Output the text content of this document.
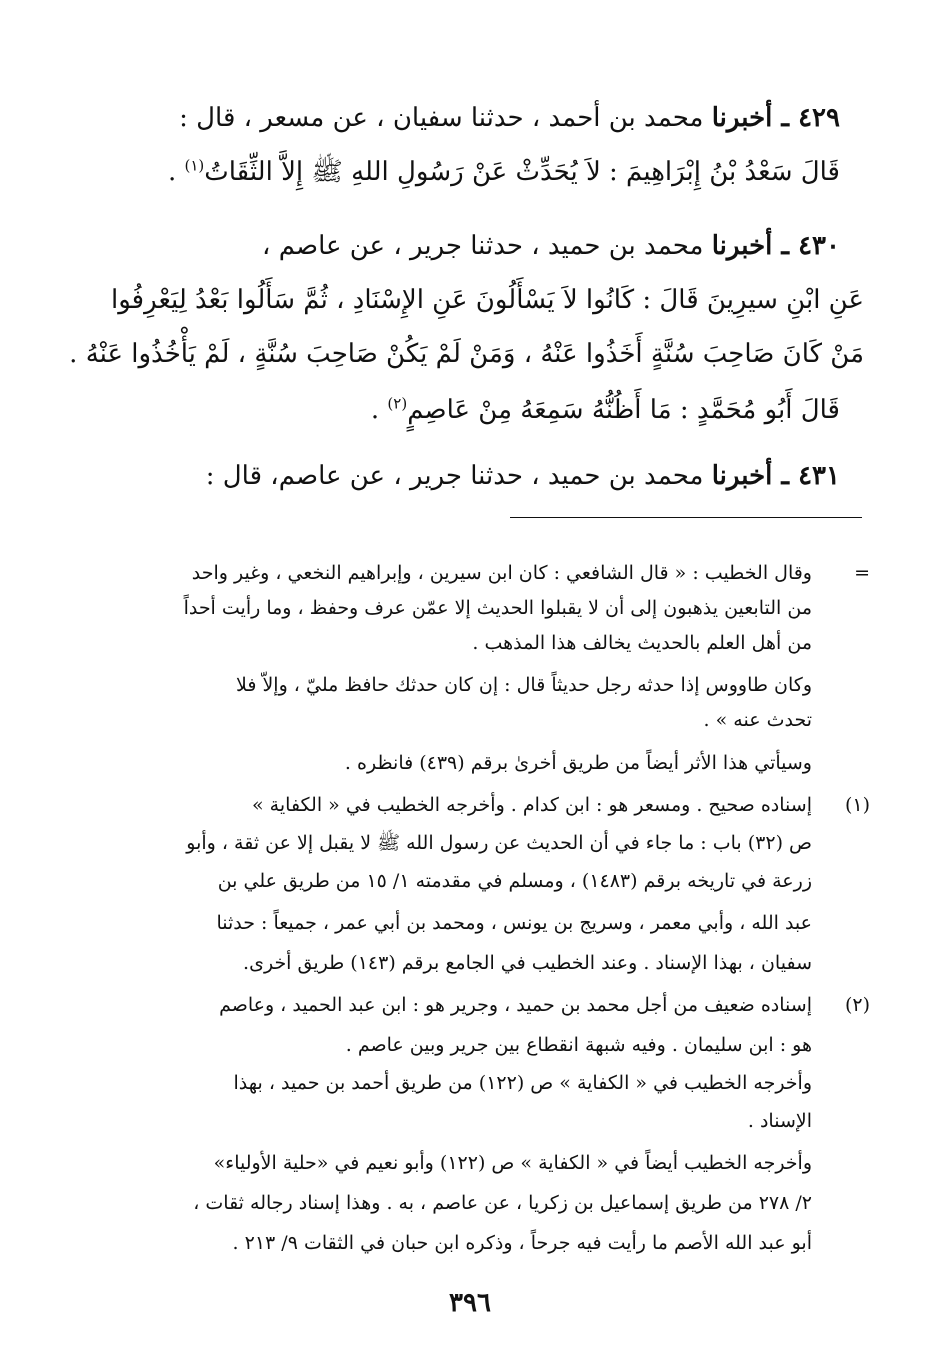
٤٢٩ ـ أخبرنا محمد بن أحمد ، حدثنا سفيان ، عن مسعر ، قال :
قَالَ سَعْدُ بْنُ إِبْرَاهِيمَ : لاَ يُحَدِّثْ عَنْ رَسُولِ اللهِ ﷺ إِلاَّ الثِّقَاتُ$^{(١)}$ .
٤٣٠ ـ أخبرنا محمد بن حميد ، حدثنا جرير ، عن عاصم ،
عَنِ ابْنِ سيرِينَ قَالَ : كَانُوا لاَ يَسْأَلُونَ عَنِ الإِسْنَادِ ، ثُمَّ سَأَلُوا بَعْدُ لِيَعْرِفُوا
مَنْ كَانَ صَاحِبَ سُنَّةٍ أَخَذُوا عَنْهُ ، وَمَنْ لَمْ يَكُنْ صَاحِبَ سُنَّةٍ ، لَمْ يَأْخُذُوا عَنْهُ .
قَالَ أَبُو مُحَمَّدٍ : مَا أَظُنُّهُ سَمِعَهُ مِنْ عَاصِمٍ$^{(٢)}$ .
٤٣١ ـ أخبرنا محمد بن حميد ، حدثنا جرير ، عن عاصم، قال :
=
وقال الخطيب : « قال الشافعي : كان ابن سيرين ، وإبراهيم النخعي ، وغير واحد
من التابعين يذهبون إلى أن لا يقبلوا الحديث إلا عمّن عرف وحفظ ، وما رأيت أحداً
من أهل العلم بالحديث يخالف هذا المذهب .
وكان طاووس إذا حدثه رجل حديثاً قال : إن كان حدثك حافظ مليّ ، وإلاّ فلا
تحدث عنه » .
وسيأتي هذا الأثر أيضاً من طريق أخرىٰ برقم (٤٣٩) فانظره .
(١)
إسناده صحيح . ومسعر هو : ابن كدام . وأخرجه الخطيب في « الكفاية »
ص (٣٢) باب : ما جاء في أن الحديث عن رسول الله ﷺ لا يقبل إلا عن ثقة ، وأبو
زرعة في تاريخه برقم (١٤٨٣) ، ومسلم في مقدمته ١/ ١٥ من طريق علي بن
عبد الله ، وأبي معمر ، وسريج بن يونس ، ومحمد بن أبي عمر ، جميعاً : حدثنا
سفيان ، بهذا الإسناد . وعند الخطيب في الجامع برقم (١٤٣) طريق أخرى.
(٢)
إسناده ضعيف من أجل محمد بن حميد ، وجرير هو : ابن عبد الحميد ، وعاصم
هو : ابن سليمان . وفيه شبهة انقطاع بين جرير وبين عاصم .
وأخرجه الخطيب في « الكفاية » ص (١٢٢) من طريق أحمد بن حميد ، بهذا
الإسناد .
وأخرجه الخطيب أيضاً في « الكفاية » ص (١٢٢) وأبو نعيم في «حلية الأولياء»
٢/ ٢٧٨ من طريق إسماعيل بن زكريا ، عن عاصم ، به . وهذا إسناد رجاله ثقات ،
أبو عبد الله الأصم ما رأيت فيه جرحاً ، وذكره ابن حبان في الثقات ٩/ ٢١٣ .
٣٩٦
